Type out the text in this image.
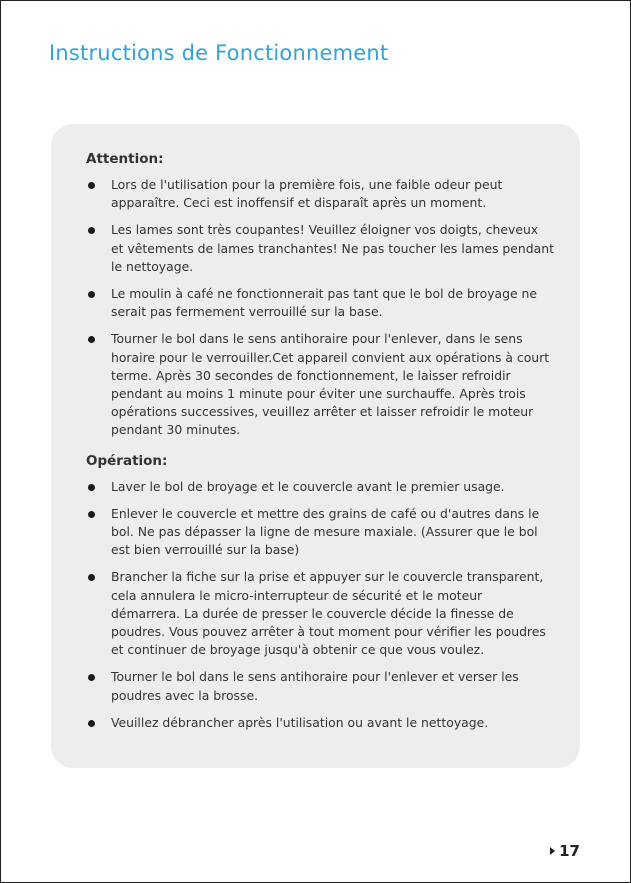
Instructions de Fonctionnement
Attention:
Lors de l'utilisation pour la première fois, une faible odeur peut apparaître. Ceci est inoffensif et disparaît après un moment.
Les lames sont très coupantes! Veuillez éloigner vos doigts, cheveux et vêtements de lames tranchantes! Ne pas toucher les lames pendant le nettoyage.
Le moulin à café ne fonctionnerait pas tant que le bol de broyage ne serait pas fermement verrouillé sur la base.
Tourner le bol dans le sens antihoraire pour l'enlever, dans le sens horaire pour le verrouiller.Cet appareil convient aux opérations à court terme. Après 30 secondes de fonctionnement, le laisser refroidir pendant au moins 1 minute pour éviter une surchauffe. Après trois opérations successives, veuillez arrêter et laisser refroidir le moteur pendant 30 minutes.
Opération:
Laver le bol de broyage et le couvercle avant le premier usage.
Enlever le couvercle et mettre des grains de café ou d'autres dans le bol. Ne pas dépasser la ligne de mesure maxiale. (Assurer que le bol est bien verrouillé sur la base)
Brancher la fiche sur la prise et appuyer sur le couvercle transparent, cela annulera le micro-interrupteur de sécurité et le moteur démarrera. La durée de presser le couvercle décide la finesse de poudres. Vous pouvez arrêter à tout moment pour vérifier les poudres et continuer de broyage jusqu'à obtenir ce que vous voulez.
Tourner le bol dans le sens antihoraire pour l'enlever et verser les poudres avec la brosse.
Veuillez débrancher après l'utilisation ou avant le nettoyage.
17
